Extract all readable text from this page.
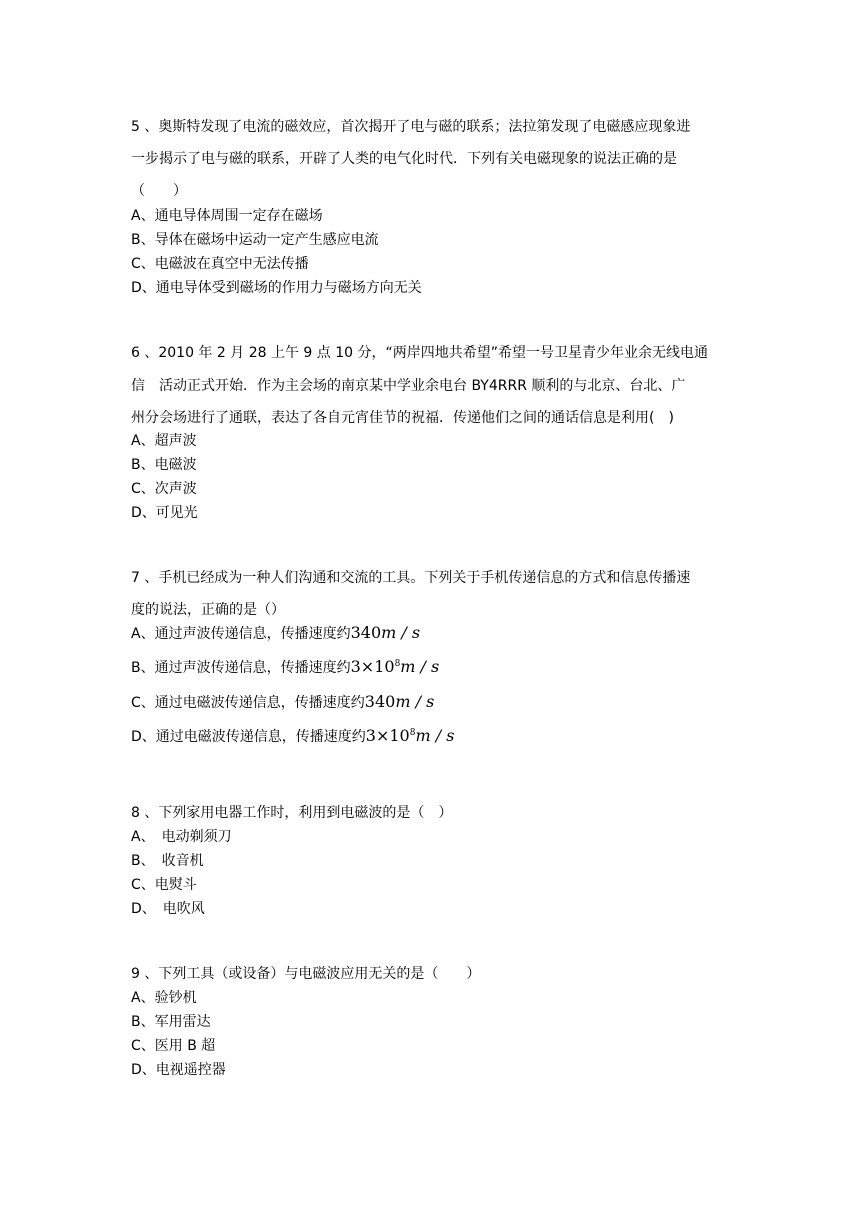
5 、奥斯特发现了电流的磁效应，首次揭开了电与磁的联系；法拉第发现了电磁感应现象进
一步揭示了电与磁的联系，开辟了人类的电气化时代．下列有关电磁现象的说法正确的是
（　　）
A、通电导体周围一定存在磁场
B、导体在磁场中运动一定产生感应电流
C、电磁波在真空中无法传播
D、通电导体受到磁场的作用力与磁场方向无关
6 、2010 年 2 月 28 上午 9 点 10 分，“两岸四地共希望”希望一号卫星青少年业余无线电通
信　活动正式开始．作为主会场的南京某中学业余电台 BY4RRR 顺利的与北京、台北、广
州分会场进行了通联，表达了各自元宵佳节的祝福．传递他们之间的通话信息是利用(　)
A、超声波
B、电磁波
C、次声波
D、可见光
7 、手机已经成为一种人们沟通和交流的工具。下列关于手机传递信息的方式和信息传播速
度的说法，正确的是（）
A、通过声波传递信息，传播速度约340m / s
B、通过声波传递信息，传播速度约$3\times 10^8m / s$
C、通过电磁波传递信息，传播速度约340m / s
D、通过电磁波传递信息，传播速度约$3\times 10^8m / s$
8 、下列家用电器工作时，利用到电磁波的是（　）
A、　电动剃须刀
B、　收音机
C、电熨斗
D、　电吹风
9 、下列工具（或设备）与电磁波应用无关的是（　　）
A、验钞机
B、军用雷达
C、医用 B 超
D、电视遥控器
